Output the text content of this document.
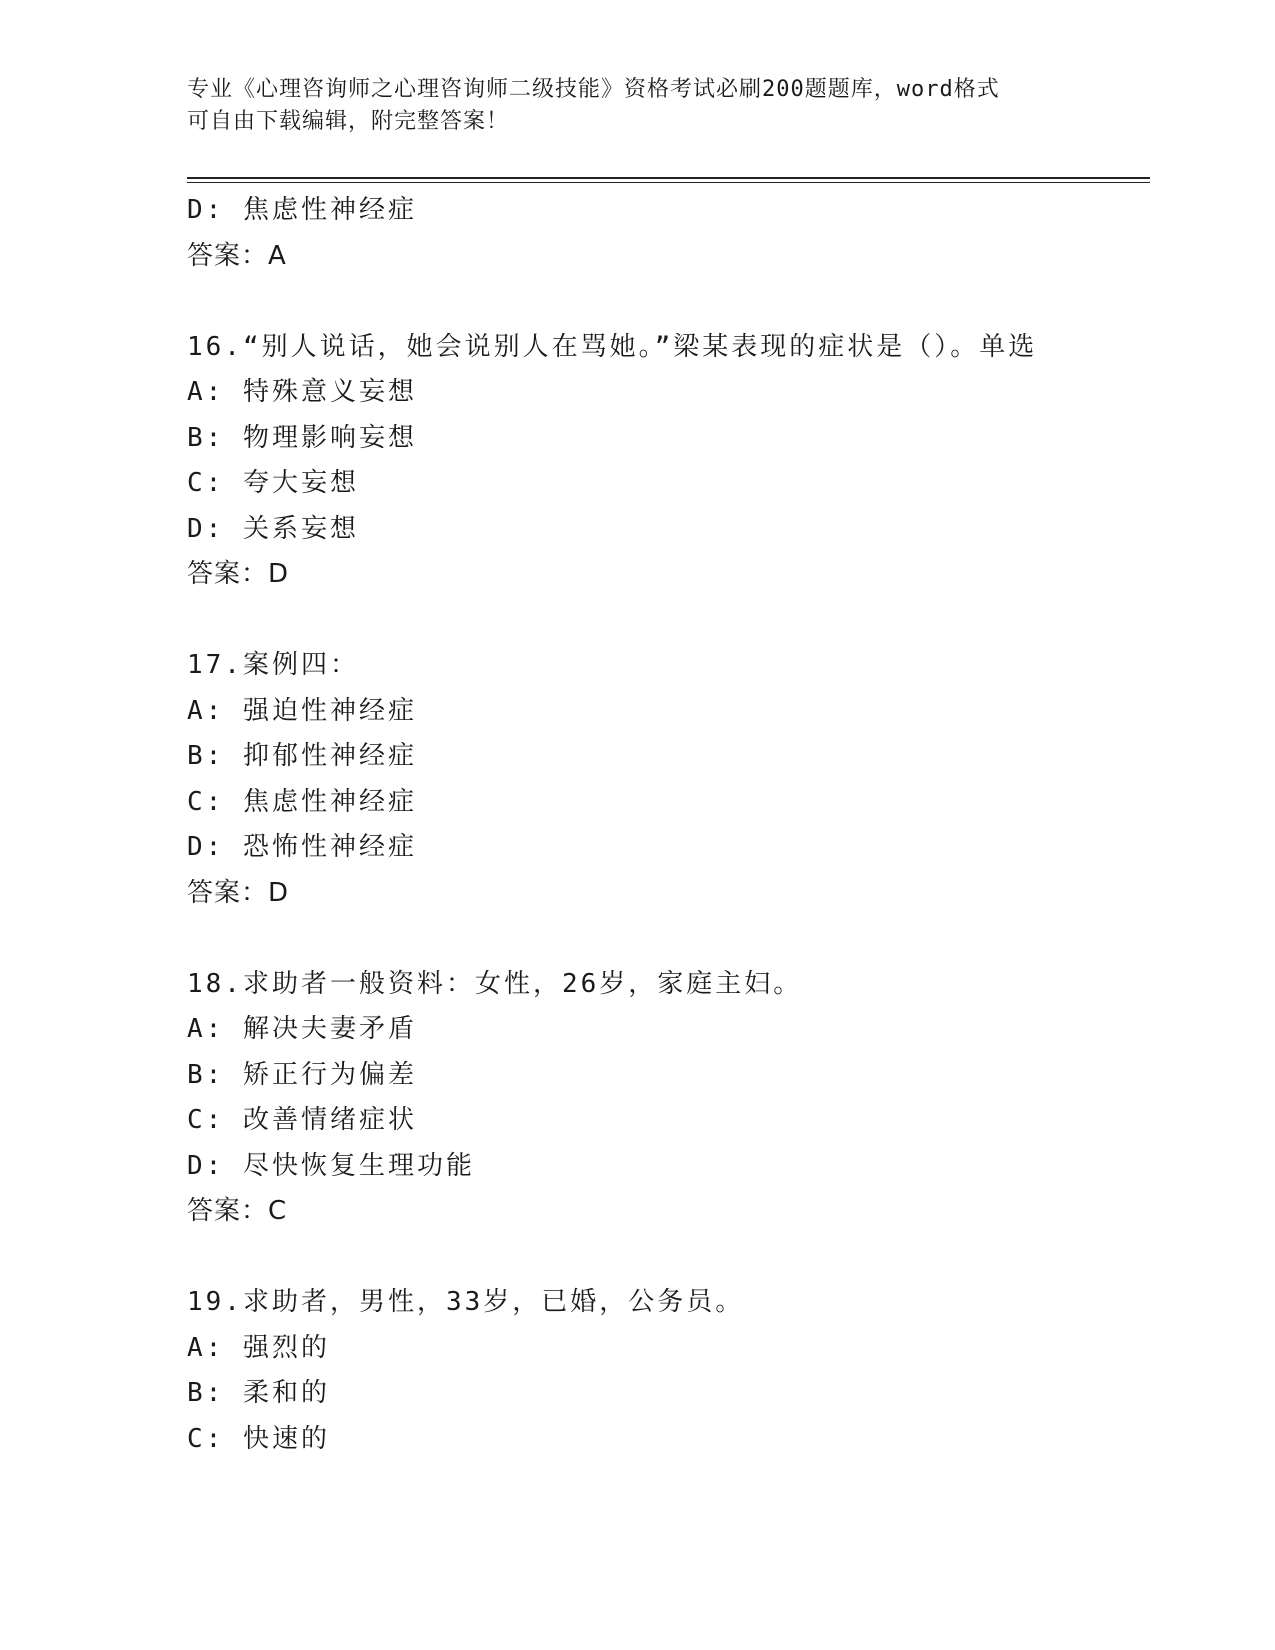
专业《心理咨询师之心理咨询师二级技能》资格考试必刷200题题库，word格式
可自由下载编辑，附完整答案！
D: 焦虑性神经症
答案：A
16.“别人说话，她会说别人在骂她。”梁某表现的症状是（）。单选
A: 特殊意义妄想
B: 物理影响妄想
C: 夸大妄想
D: 关系妄想
答案：D
17.案例四：
A: 强迫性神经症
B: 抑郁性神经症
C: 焦虑性神经症
D: 恐怖性神经症
答案：D
18.求助者一般资料：女性，26岁，家庭主妇。
A: 解决夫妻矛盾
B: 矫正行为偏差
C: 改善情绪症状
D: 尽快恢复生理功能
答案：C
19.求助者，男性，33岁，已婚，公务员。
A: 强烈的
B: 柔和的
C: 快速的
